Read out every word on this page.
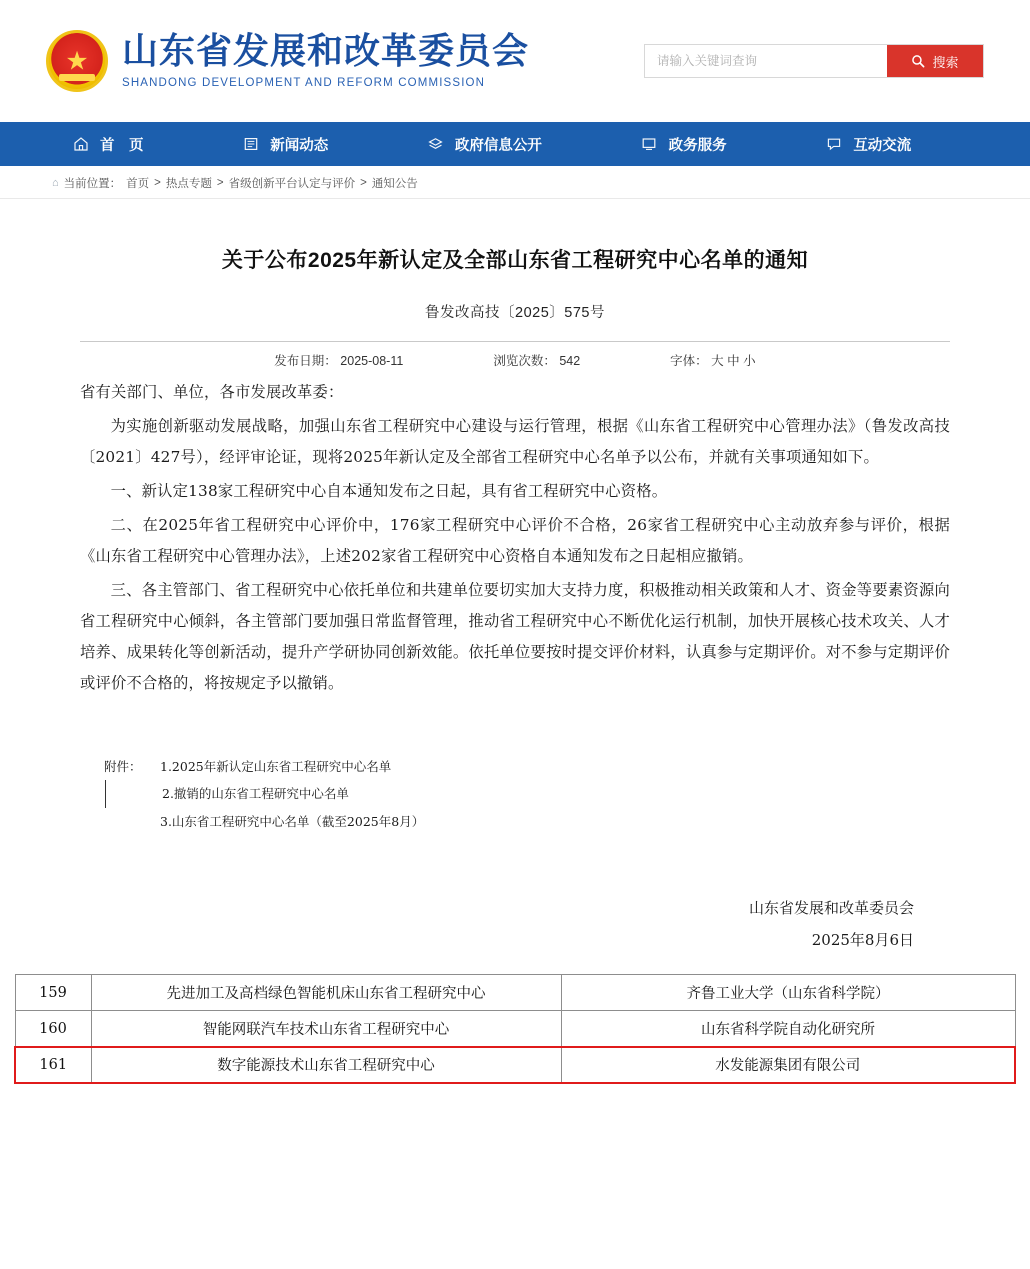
★
山东省发展和改革委员会
SHANDONG DEVELOPMENT AND REFORM COMMISSION
请输入关键词查询
搜索
首　页	新闻动态	政府信息公开	政务服务	互动交流
⌂ 当前位置： 首页 > 热点专题 > 省级创新平台认定与评价 > 通知公告
关于公布2025年新认定及全部山东省工程研究中心名单的通知
鲁发改高技〔2025〕575号
发布日期： 2025-08-11	浏览次数： 542	字体： 大 中 小

省有关部门、单位，各市发展改革委：

为实施创新驱动发展战略，加强山东省工程研究中心建设与运行管理，根据《山东省工程研究中心管理办法》（鲁发改高技〔2021〕427号），经评审论证，现将2025年新认定及全部省工程研究中心名单予以公布，并就有关事项通知如下。

一、新认定138家工程研究中心自本通知发布之日起，具有省工程研究中心资格。

二、在2025年省工程研究中心评价中，176家工程研究中心评价不合格，26家省工程研究中心主动放弃参与评价，根据《山东省工程研究中心管理办法》，上述202家省工程研究中心资格自本通知发布之日起相应撤销。

三、各主管部门、省工程研究中心依托单位和共建单位要切实加大支持力度，积极推动相关政策和人才、资金等要素资源向省工程研究中心倾斜，各主管部门要加强日常监督管理，推动省工程研究中心不断优化运行机制，加快开展核心技术攻关、人才培养、成果转化等创新活动，提升产学研协同创新效能。依托单位要按时提交评价材料，认真参与定期评价。对不参与定期评价或评价不合格的，将按规定予以撤销。

附件：	1.2025年新认定山东省工程研究中心名单
2.撤销的山东省工程研究中心名单
3.山东省工程研究中心名单（截至2025年8月）
山东省发展和改革委员会
2025年8月6日
159	先进加工及高档绿色智能机床山东省工程研究中心	齐鲁工业大学（山东省科学院）
160	智能网联汽车技术山东省工程研究中心	山东省科学院自动化研究所
161	数字能源技术山东省工程研究中心	水发能源集团有限公司
